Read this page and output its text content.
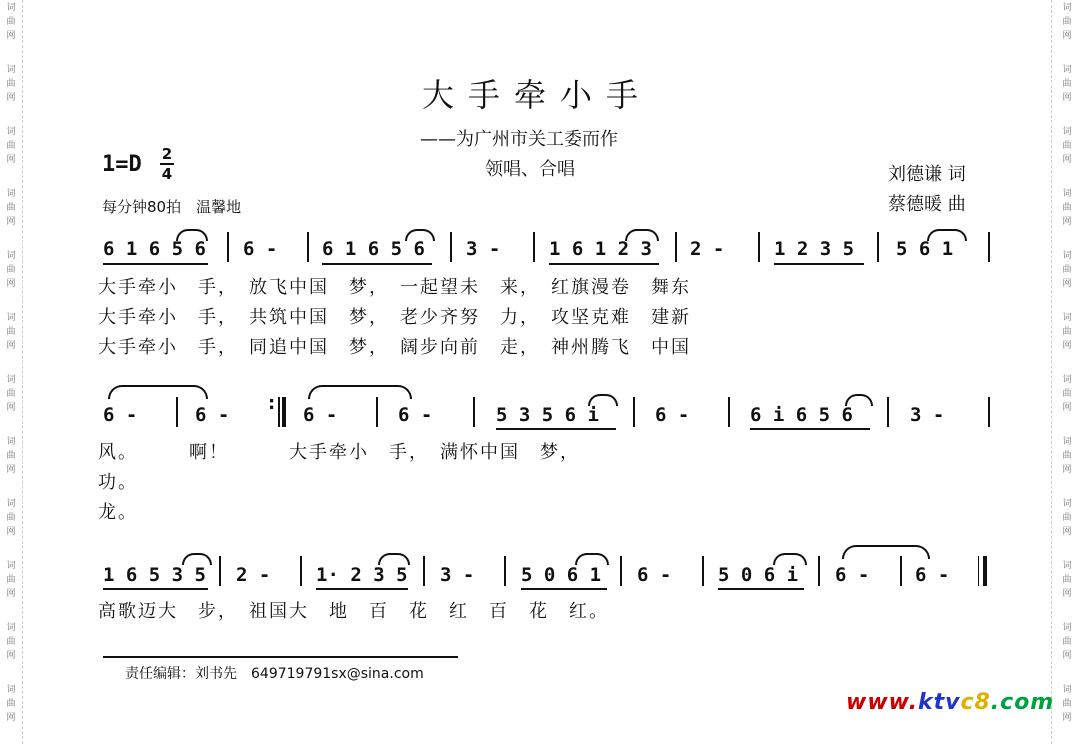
词
曲
网
词
曲
网
词
曲
网
词
曲
网
词
曲
网
词
曲
网
词
曲
网
词
曲
网
词
曲
网
词
曲
网
词
曲
网
词
曲
网
词
曲
网
词
曲
网
词
曲
网
词
曲
网
词
曲
网
词
曲
网
词
曲
网
词
曲
网
词
曲
网
词
曲
网
词
曲
网
词
曲
网
大手牵小手
——为广州市关工委而作
领唱、合唱
1=D 2
4
每分钟80拍　温馨地
刘德谦 词
蔡德暖 曲
6 1 6 5 6 6 - 6 1 6 5 6 3 -	1 6 1 2 3 2 -	1 2 3 5 5 6 1
大手牵小　手，　放飞中国　梦，　一起望未　来，　红旗漫卷　舞东
大手牵小　手，　共筑中国　梦，　老少齐努　力，　攻坚克难　建新
大手牵小　手，　同追中国　梦，　阔步向前　走，　神州腾飞　中国
6 -	6 -	6 -	6 -	5 3 5 6 i	6 -	6 i 6 5 6	3 -
:
风。　　　啊！　　　大手牵小　手，　满怀中国　梦，
功。
龙。
1 6 5 3 5 2 - 1· 2 3 5 3 - 5 0 6 1 6 - 5 0 6 i 6 - 6 -
高歌迈大　步，　祖国大　地　百　花　红　百　花　红。
责任编辑：刘书先　649719791sx@sina.com
www.ktvc8.com
